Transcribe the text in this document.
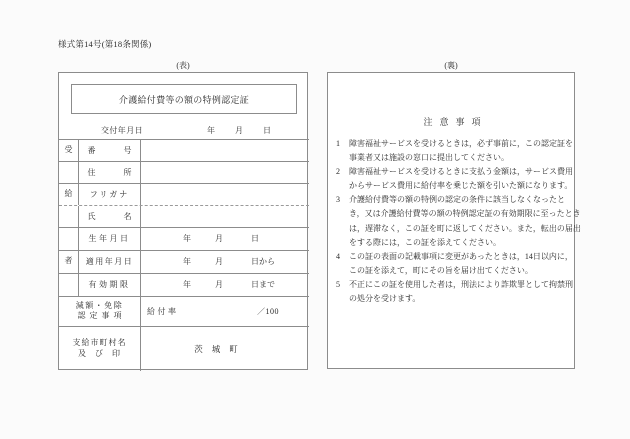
様式第14号(第18条関係)
(表)	(裏)
介護給付費等の額の特例認定証
交付年月日	年	月	日
受 番	号
住	所
給 フリガナ
氏	名
生年月日	年	月	日
者 適用年月日	年	月	日から
有効期限	年	月	日まで
減額・免除
認定事項	給付率	／100
支給市町村名
及び印	茨城町
注意事項
1	障害福祉サービスを受けるときは，必ず事前に，この認定証を
事業者又は施設の窓口に提出してください。
2	障害福祉サービスを受けるときに支払う金額は，サービス費用
からサービス費用に給付率を乗じた額を引いた額になります。
3	介護給付費等の額の特例の認定の条件に該当しなくなったと
き，又は介護給付費等の額の特例認定証の有効期限に至ったとき
は，遅滞なく，この証を町に返してください。また，転出の届出
をする際には，この証を添えてください。
4	この証の表面の記載事項に変更があったときは，14日以内に，
この証を添えて，町にその旨を届け出てください。
5	不正にこの証を使用した者は，刑法により詐欺罪として拘禁刑
の処分を受けます。
